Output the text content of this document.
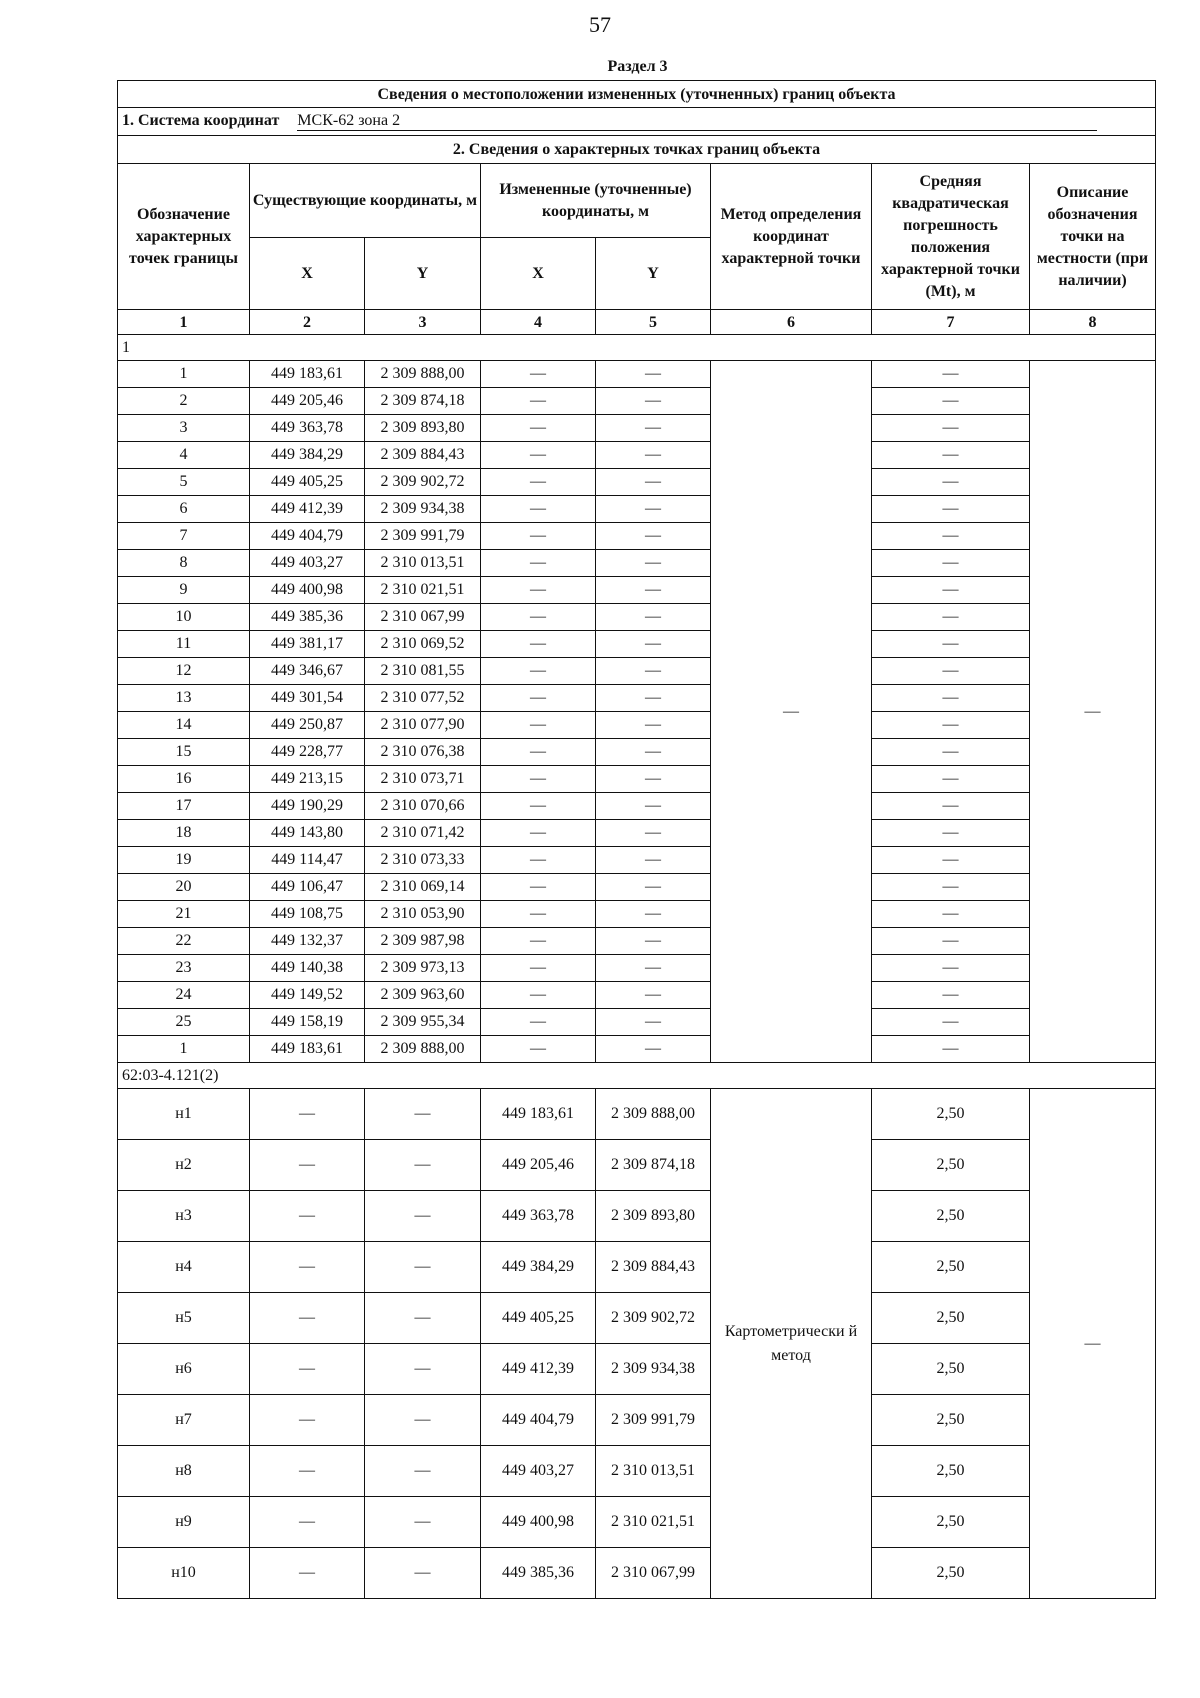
57
Раздел 3
Сведения о местоположении измененных (уточненных) границ объекта							
1. Система координат МСК-62 зона 2							
2. Сведения о характерных точках границ объекта							
Обозначение характерных точек границы	Существующие координаты, м		Измененные (уточненные) координаты, м		Метод определения координат характерной точки	Средняя квадратическая погрешность положения характерной точки (Mt), м	Описание обозначения точки на местности (при наличии)
	X	Y	X	Y			
1	2	3	4	5	6	7	8
1							
1	449 183,61	2 309 888,00	—	—	—	—	—
2	449 205,46	2 309 874,18	—	—		—	
3	449 363,78	2 309 893,80	—	—		—	
4	449 384,29	2 309 884,43	—	—		—	
5	449 405,25	2 309 902,72	—	—		—	
6	449 412,39	2 309 934,38	—	—		—	
7	449 404,79	2 309 991,79	—	—		—	
8	449 403,27	2 310 013,51	—	—		—	
9	449 400,98	2 310 021,51	—	—		—	
10	449 385,36	2 310 067,99	—	—		—	
11	449 381,17	2 310 069,52	—	—		—	
12	449 346,67	2 310 081,55	—	—		—	
13	449 301,54	2 310 077,52	—	—		—	
14	449 250,87	2 310 077,90	—	—		—	
15	449 228,77	2 310 076,38	—	—		—	
16	449 213,15	2 310 073,71	—	—		—	
17	449 190,29	2 310 070,66	—	—		—	
18	449 143,80	2 310 071,42	—	—		—	
19	449 114,47	2 310 073,33	—	—		—	
20	449 106,47	2 310 069,14	—	—		—	
21	449 108,75	2 310 053,90	—	—		—	
22	449 132,37	2 309 987,98	—	—		—	
23	449 140,38	2 309 973,13	—	—		—	
24	449 149,52	2 309 963,60	—	—		—	
25	449 158,19	2 309 955,34	—	—		—	
1	449 183,61	2 309 888,00	—	—		—	
62:03-4.121(2)							
н1	—	—	449 183,61	2 309 888,00	Картометрически й метод	2,50	—
н2	—	—	449 205,46	2 309 874,18		2,50	
н3	—	—	449 363,78	2 309 893,80		2,50	
н4	—	—	449 384,29	2 309 884,43		2,50	
н5	—	—	449 405,25	2 309 902,72		2,50	
н6	—	—	449 412,39	2 309 934,38		2,50	
н7	—	—	449 404,79	2 309 991,79		2,50	
н8	—	—	449 403,27	2 310 013,51		2,50	
н9	—	—	449 400,98	2 310 021,51		2,50	
н10	—	—	449 385,36	2 310 067,99		2,50	
